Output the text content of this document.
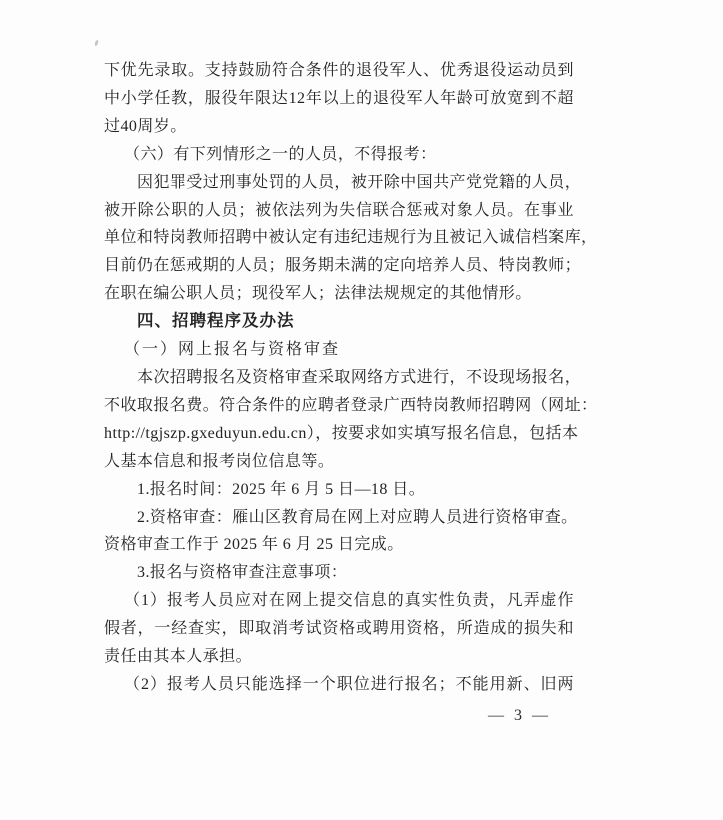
下优先录取。支持鼓励符合条件的退役军人、优秀退役运动员到
中小学任教，服役年限达12年以上的退役军人年龄可放宽到不超
过40周岁。
（六）有下列情形之一的人员，不得报考：
因犯罪受过刑事处罚的人员，被开除中国共产党党籍的人员，
被开除公职的人员；被依法列为失信联合惩戒对象人员。在事业
单位和特岗教师招聘中被认定有违纪违规行为且被记入诚信档案库，
目前仍在惩戒期的人员；服务期未满的定向培养人员、特岗教师；
在职在编公职人员；现役军人；法律法规规定的其他情形。
四、招聘程序及办法
（一）网上报名与资格审查
本次招聘报名及资格审查采取网络方式进行，不设现场报名，
不收取报名费。符合条件的应聘者登录广西特岗教师招聘网（网址：
http://tgjszp.gxeduyun.edu.cn），按要求如实填写报名信息，包括本
人基本信息和报考岗位信息等。
1.报名时间：2025 年 6 月 5 日—18 日。
2.资格审查：雁山区教育局在网上对应聘人员进行资格审查。
资格审查工作于 2025 年 6 月 25 日完成。
3.报名与资格审查注意事项：
（1）报考人员应对在网上提交信息的真实性负责，凡弄虚作
假者，一经查实，即取消考试资格或聘用资格，所造成的损失和
责任由其本人承担。
（2）报考人员只能选择一个职位进行报名；不能用新、旧两
— 3 —
